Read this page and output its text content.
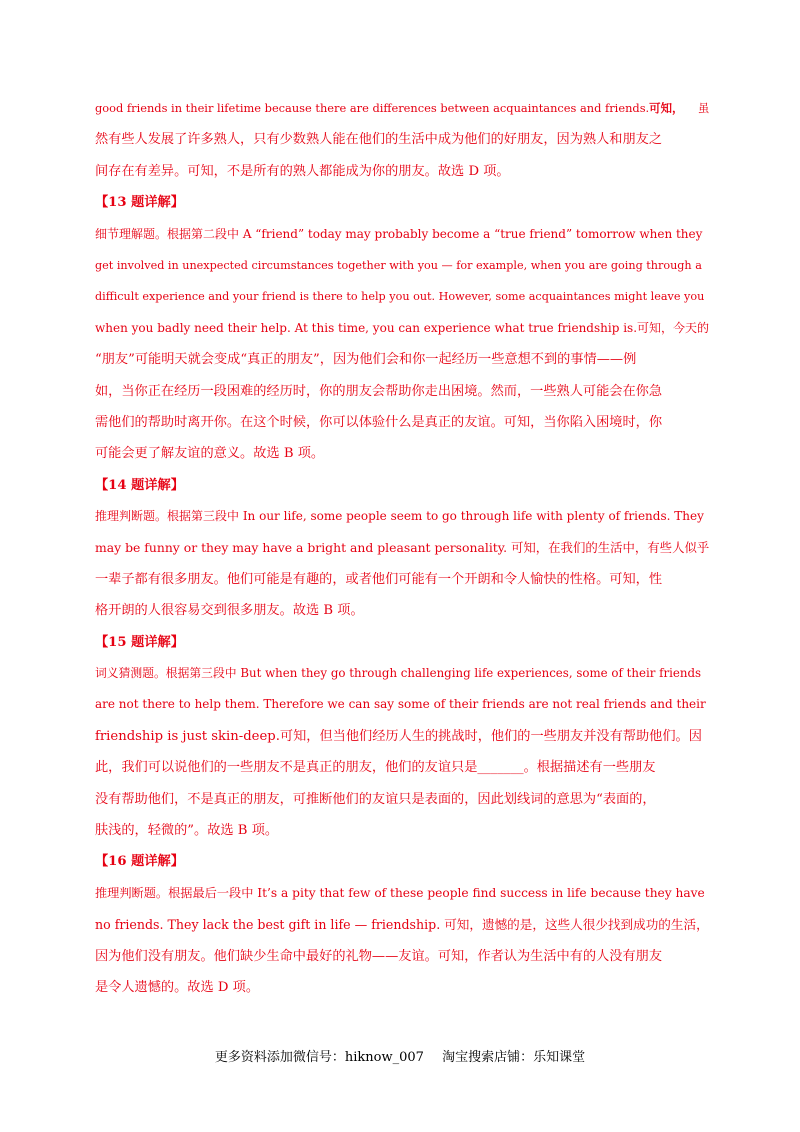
good friends in their lifetime because there are differences between acquaintances and friends.可知，    虽
然有些人发展了许多熟人，只有少数熟人能在他们的生活中成为他们的好朋友，因为熟人和朋友之
间存在有差异。可知，不是所有的熟人都能成为你的朋友。故选 D 项。
【13 题详解】
细节理解题。根据第二段中 A “friend” today may probably become a “true friend” tomorrow when they
get involved in unexpected circumstances together with you — for example, when you are going through a
difficult experience and your friend is there to help you out. However, some acquaintances might leave you
when you badly need their help. At this time, you can experience what true friendship is.可知，今天的
“朋友”可能明天就会变成“真正的朋友”，因为他们会和你一起经历一些意想不到的事情——例
如，当你正在经历一段困难的经历时，你的朋友会帮助你走出困境。然而，一些熟人可能会在你急
需他们的帮助时离开你。在这个时候，你可以体验什么是真正的友谊。可知，当你陷入困境时，你
可能会更了解友谊的意义。故选 B 项。
【14 题详解】
推理判断题。根据第三段中 In our life, some people seem to go through life with plenty of friends. They
may be funny or they may have a bright and pleasant personality. 可知，在我们的生活中，有些人似乎
一辈子都有很多朋友。他们可能是有趣的，或者他们可能有一个开朗和令人愉快的性格。可知，性
格开朗的人很容易交到很多朋友。故选 B 项。
【15 题详解】
词义猜测题。根据第三段中 But when they go through challenging life experiences, some of their friends
are not there to help them. Therefore we can say some of their friends are not real friends and their
friendship is just skin-deep.可知，但当他们经历人生的挑战时，他们的一些朋友并没有帮助他们。因
此，我们可以说他们的一些朋友不是真正的朋友，他们的友谊只是_______。根据描述有一些朋友
没有帮助他们，不是真正的朋友，可推断他们的友谊只是表面的，因此划线词的意思为“表面的，
肤浅的，轻微的”。故选 B 项。
【16 题详解】
推理判断题。根据最后一段中 It’s a pity that few of these people find success in life because they have
no friends. They lack the best gift in life — friendship. 可知，遗憾的是，这些人很少找到成功的生活，
因为他们没有朋友。他们缺少生命中最好的礼物——友谊。可知，作者认为生活中有的人没有朋友
是令人遗憾的。故选 D 项。
更多资料添加微信号：hiknow_007 淘宝搜索店铺：乐知课堂
